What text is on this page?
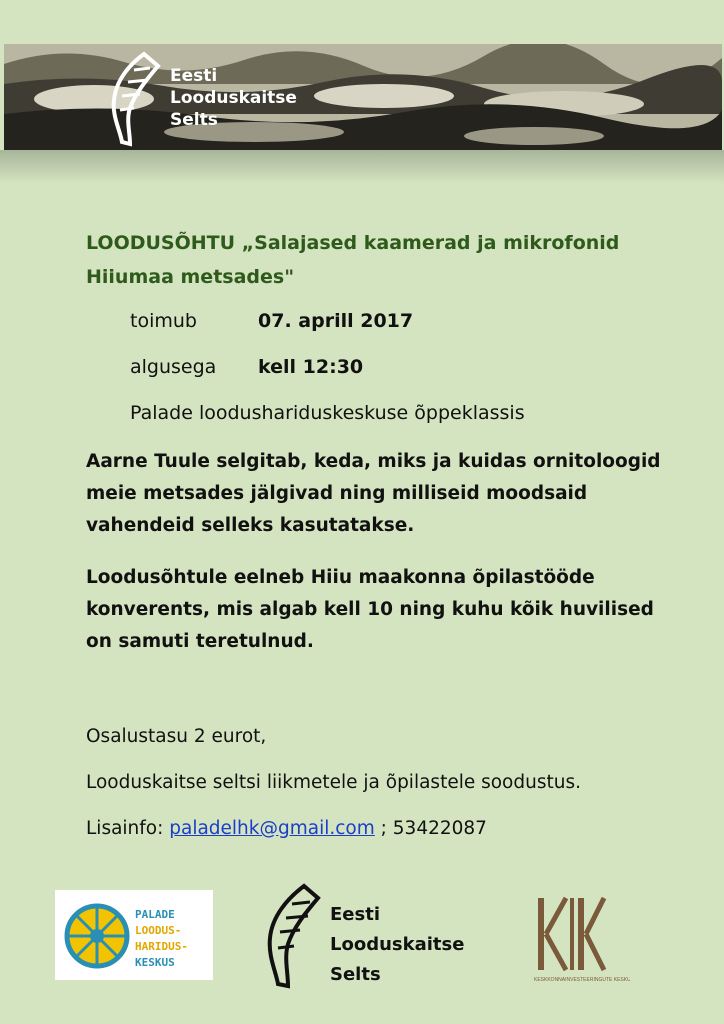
Eesti
Looduskaitse
Selts
LOODUSÕHTU „Salajased kaamerad ja mikrofonid
Hiiumaa metsades"
toimub	07. aprill 2017
algusega kell 12:30
Palade loodushariduskeskuse õppeklassis
Aarne Tuule selgitab, keda, miks ja kuidas ornitoloogid meie metsades jälgivad ning milliseid moodsaid vahendeid selleks kasutatakse.
Loodusõhtule eelneb Hiiu maakonna õpilastööde konverents, mis algab kell 10 ning kuhu kõik huvilised on samuti teretulnud.
Osalustasu 2 eurot,
Looduskaitse seltsi liikmetele ja õpilastele soodustus.
Lisainfo: paladelhk@gmail.com ; 53422087
PALADE
LOODUS-
HARIDUS-
KESKUS
Eesti
Looduskaitse
Selts	KESKKONNAINVESTEERINGUTE KESKUS
